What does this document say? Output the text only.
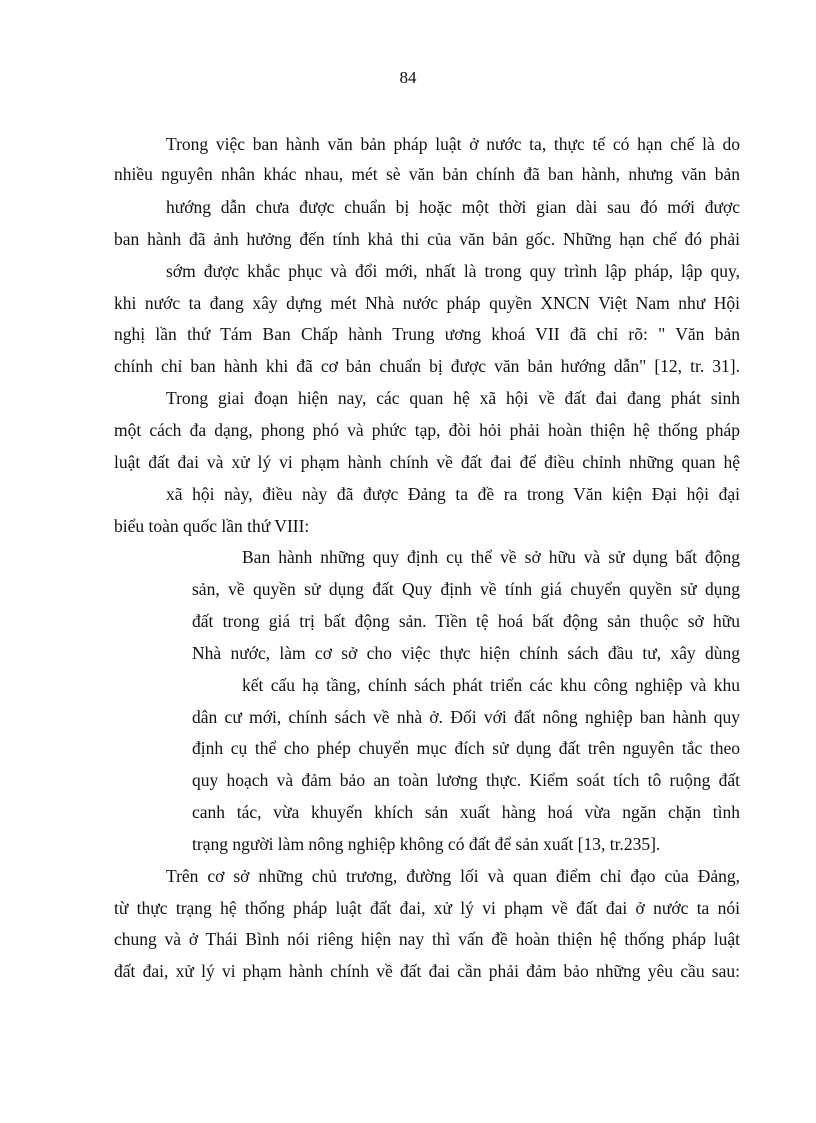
84
Trong việc ban hành văn bản pháp luật ở nước ta, thực tế có hạn chế là do
nhiều nguyên nhân khác nhau, mét sè văn bản chính đã ban hành, nhưng văn bản
hướng dẫn chưa được chuẩn bị hoặc một thời gian dài sau đó mới được
ban hành đã ảnh hưởng đến tính khả thi của văn bản gốc. Những hạn chế đó phải
sớm được khắc phục và đổi mới, nhất là trong quy trình lập pháp, lập quy,
khi nước ta đang xây dựng mét Nhà nước pháp quyền XNCN Việt Nam như Hội
nghị lần thứ Tám Ban Chấp hành Trung ương khoá VII đã chỉ rõ: " Văn bản
chính chỉ ban hành khi đã cơ bản chuẩn bị được văn bản hướng dẫn" [12, tr. 31].
Trong giai đoạn hiện nay, các quan hệ xã hội về đất đai đang phát sinh
một cách đa dạng, phong phó và phức tạp, đòi hỏi phải hoàn thiện hệ thống pháp
luật đất đai và xử lý vi phạm hành chính về đất đai để điều chỉnh những quan hệ
xã hội này, điều này đã được Đảng ta đề ra trong Văn kiện Đại hội đại
biểu toàn quốc lần thứ VIII:
Ban hành những quy định cụ thể về sở hữu và sử dụng bất động
sản, về quyền sử dụng đất Quy định về tính giá chuyển quyền sử dụng
đất trong giá trị bất động sản. Tiền tệ hoá bất động sản thuộc sở hữu
Nhà nước, làm cơ sở cho việc thực hiện chính sách đầu tư, xây dùng
kết cấu hạ tầng, chính sách phát triển các khu công nghiệp và khu
dân cư mới, chính sách về nhà ở. Đối với đất nông nghiệp ban hành quy
định cụ thể cho phép chuyển mục đích sử dụng đất trên nguyên tắc theo
quy hoạch và đảm bảo an toàn lương thực. Kiểm soát tích tô ruộng đất
canh tác, vừa khuyến khích sản xuất hàng hoá vừa ngăn chặn tình
trạng người làm nông nghiệp không có đất để sản xuất [13, tr.235].
Trên cơ sở những chủ trương, đường lối và quan điểm chỉ đạo của Đảng,
từ thực trạng hệ thống pháp luật đất đai, xử lý vi phạm về đất đai ở nước ta nói
chung và ở Thái Bình nói riêng hiện nay thì vấn đề hoàn thiện hệ thống pháp luật
đất đai, xử lý vi phạm hành chính về đất đai cần phải đảm bảo những yêu cầu sau:
